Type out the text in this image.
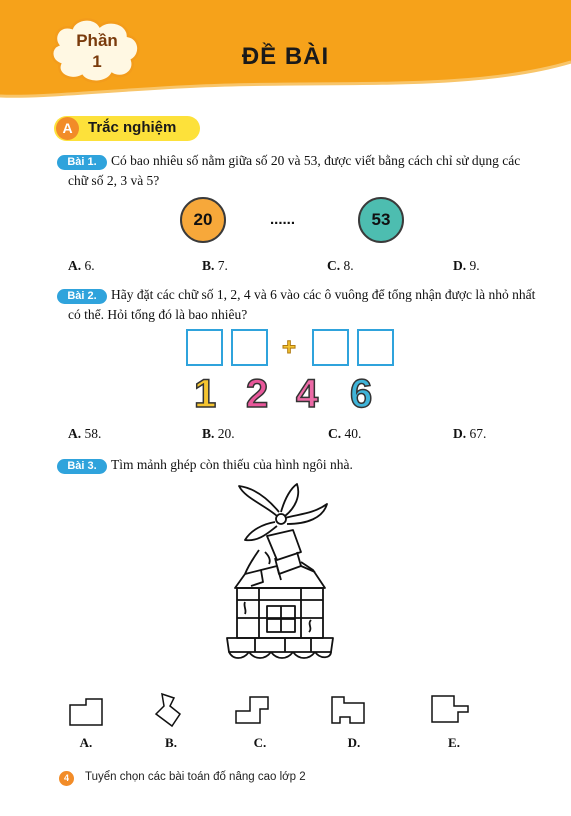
Phần
1	ĐỀ BÀI
A	Trắc nghiệm
Bài 1.	Có bao nhiêu số nằm giữa số 20 và 53, được viết bằng cách chỉ sử dụng các
chữ số 2, 3 và 5?
20	......	53
A. 6.	B. 7.	C. 8.	D. 9.
Bài 2.	Hãy đặt các chữ số 1, 2, 4 và 6 vào các ô vuông để tổng nhận được là nhỏ nhất
có thể. Hỏi tổng đó là bao nhiêu?
+
1 2 4 6
A. 58.	B. 20.	C. 40.	D. 67.
Bài 3.	Tìm mảnh ghép còn thiếu của hình ngôi nhà.
A.	B.	C.	D.	E.
4	Tuyển chọn các bài toán đố nâng cao lớp 2
